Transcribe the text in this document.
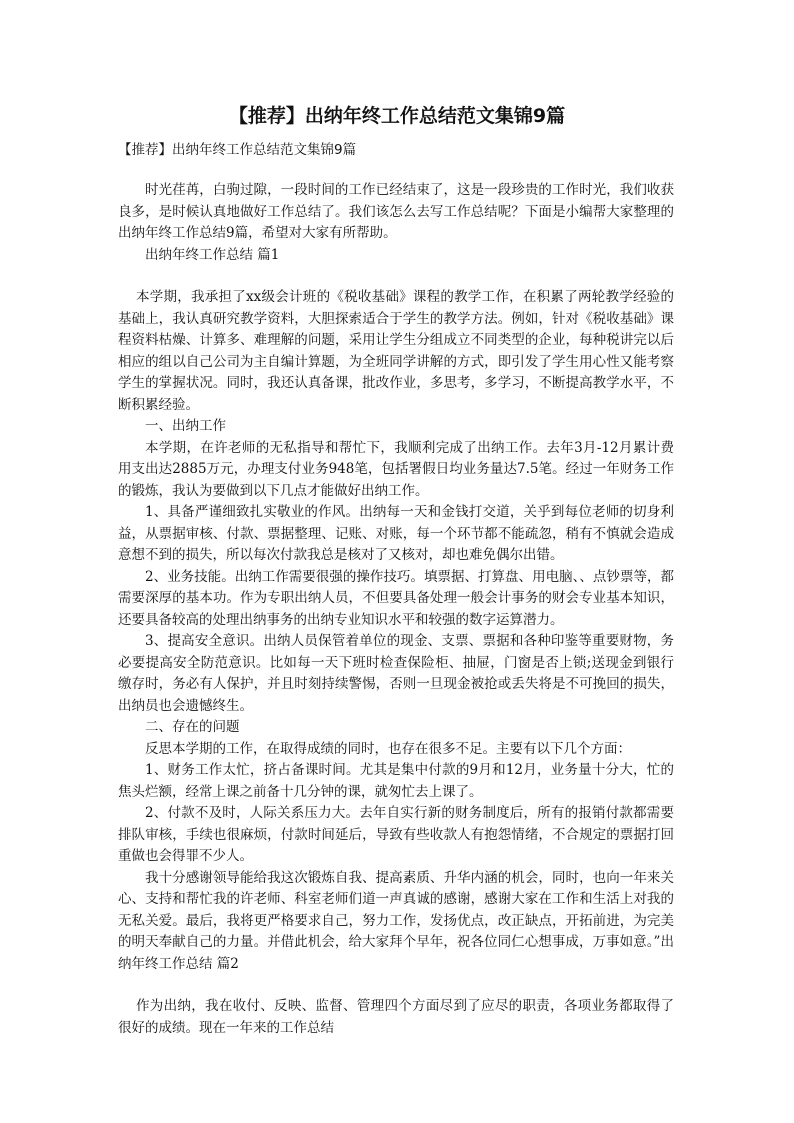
【推荐】出纳年终工作总结范文集锦9篇

【推荐】出纳年终工作总结范文集锦9篇

时光荏苒，白驹过隙，一段时间的工作已经结束了，这是一段珍贵的工作时光，我们收获良多，是时候认真地做好工作总结了。我们该怎么去写工作总结呢？下面是小编帮大家整理的出纳年终工作总结9篇，希望对大家有所帮助。

出纳年终工作总结 篇1

本学期，我承担了xx级会计班的《税收基础》课程的教学工作，在积累了两轮教学经验的基础上，我认真研究教学资料，大胆探索适合于学生的教学方法。例如，针对《税收基础》课程资料枯燥、计算多、难理解的问题，采用让学生分组成立不同类型的企业，每种税讲完以后相应的组以自己公司为主自编计算题，为全班同学讲解的方式，即引发了学生用心性又能考察学生的掌握状况。同时，我还认真备课，批改作业，多思考，多学习，不断提高教学水平，不断积累经验。

一、出纳工作

本学期，在许老师的无私指导和帮忙下，我顺利完成了出纳工作。去年3月-12月累计费用支出达2885万元，办理支付业务948笔，包括署假日均业务量达7.5笔。经过一年财务工作的锻炼，我认为要做到以下几点才能做好出纳工作。

1、具备严谨细致扎实敬业的作风。出纳每一天和金钱打交道，关乎到每位老师的切身利益，从票据审核、付款、票据整理、记账、对账，每一个环节都不能疏忽，稍有不慎就会造成意想不到的损失，所以每次付款我总是核对了又核对，却也难免偶尔出错。

2、业务技能。出纳工作需要很强的操作技巧。填票据、打算盘、用电脑、、点钞票等，都需要深厚的基本功。作为专职出纳人员，不但要具备处理一般会计事务的财会专业基本知识，还要具备较高的处理出纳事务的出纳专业知识水平和较强的数字运算潜力。

3、提高安全意识。出纳人员保管着单位的现金、支票、票据和各种印鉴等重要财物，务必要提高安全防范意识。比如每一天下班时检查保险柜、抽屉，门窗是否上锁;送现金到银行缴存时，务必有人保护，并且时刻持续警惕，否则一旦现金被抢或丢失将是不可挽回的损失，出纳员也会遗憾终生。

二、存在的问题

反思本学期的工作，在取得成绩的同时，也存在很多不足。主要有以下几个方面：

1、财务工作太忙，挤占备课时间。尤其是集中付款的9月和12月，业务量十分大，忙的焦头烂额，经常上课之前备十几分钟的课，就匆忙去上课了。

2、付款不及时，人际关系压力大。去年自实行新的财务制度后，所有的报销付款都需要排队审核，手续也很麻烦，付款时间延后，导致有些收款人有抱怨情绪，不合规定的票据打回重做也会得罪不少人。

我十分感谢领导能给我这次锻炼自我、提高素质、升华内涵的机会，同时，也向一年来关心、支持和帮忙我的许老师、科室老师们道一声真诚的感谢，感谢大家在工作和生活上对我的无私关爱。最后，我将更严格要求自己，努力工作，发扬优点，改正缺点，开拓前进，为完美的明天奉献自己的力量。并借此机会，给大家拜个早年，祝各位同仁心想事成，万事如意。”出纳年终工作总结 篇2

作为出纳，我在收付、反映、监督、管理四个方面尽到了应尽的职责，各项业务都取得了很好的成绩。现在一年来的工作总结
